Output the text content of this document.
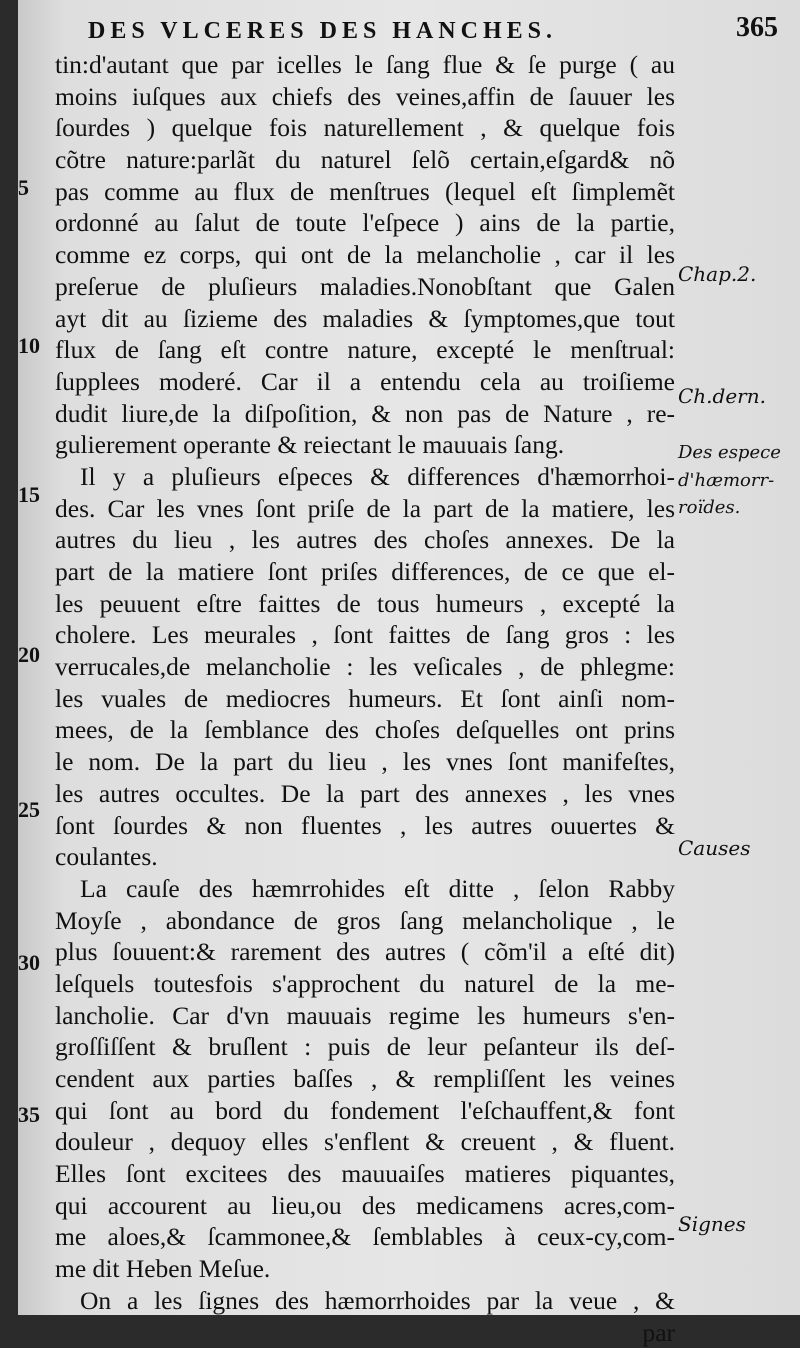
DES VLCERES DES HANCHES.	365
tin:d'autant que par icelles le ſang flue & ſe purge ( au
moins iuſques aux chiefs des veines,affin de ſauuer les
ſourdes ) quelque fois naturellement , & quelque fois
cõtre nature:parlãt du naturel ſelõ certain,eſgard& nõ
pas comme au flux de menſtrues (lequel eſt ſimplemẽt
ordonné au ſalut de toute l'eſpece ) ains de la partie,
comme ez corps, qui ont de la melancholie , car il les
preſerue de pluſieurs maladies.Nonobſtant que Galen
ayt dit au ſizieme des maladies & ſymptomes,que tout
flux de ſang eſt contre nature, excepté le menſtrual:
ſupplees moderé. Car il a entendu cela au troiſieme
dudit liure,de la diſpoſition, & non pas de Nature , re-
gulierement operante & reiectant le mauuais ſang.
Il y a pluſieurs eſpeces & differences d'hæmorrhoi-
des. Car les vnes ſont priſe de la part de la matiere, les
autres du lieu , les autres des choſes annexes. De la
part de la matiere ſont priſes differences, de ce que el-
les peuuent eſtre faittes de tous humeurs , excepté la
cholere. Les meurales , ſont faittes de ſang gros : les
verrucales,de melancholie : les veſicales , de phlegme:
les vuales de mediocres humeurs. Et ſont ainſi nom-
mees, de la ſemblance des choſes deſquelles ont prins
le nom. De la part du lieu , les vnes ſont manifeſtes,
les autres occultes. De la part des annexes , les vnes
ſont ſourdes & non fluentes , les autres ouuertes &
coulantes.
La cauſe des hæmrrohides eſt ditte , ſelon Rabby
Moyſe , abondance de gros ſang melancholique , le
plus ſouuent:& rarement des autres ( cõm'il a eſté dit)
leſquels toutesfois s'approchent du naturel de la me-
lancholie. Car d'vn mauuais regime les humeurs s'en-
groſſiſſent & bruſlent : puis de leur peſanteur ils deſ-
cendent aux parties baſſes , & rempliſſent les veines
qui ſont au bord du fondement l'eſchauffent,& font
douleur , dequoy elles s'enflent & creuent , & fluent.
Elles ſont excitees des mauuaiſes matieres piquantes,
qui accourent au lieu,ou des medicamens acres,com-
me aloes,& ſcammonee,& ſemblables à ceux-cy,com-
me dit Heben Meſue.
On a les ſignes des hæmorrhoides par la veue , &
par
5
10
15
20
25
30
35
Chap.2.
Ch.dern.
Des espece
d'hæmorr-
roïdes.
Causes
Signes
